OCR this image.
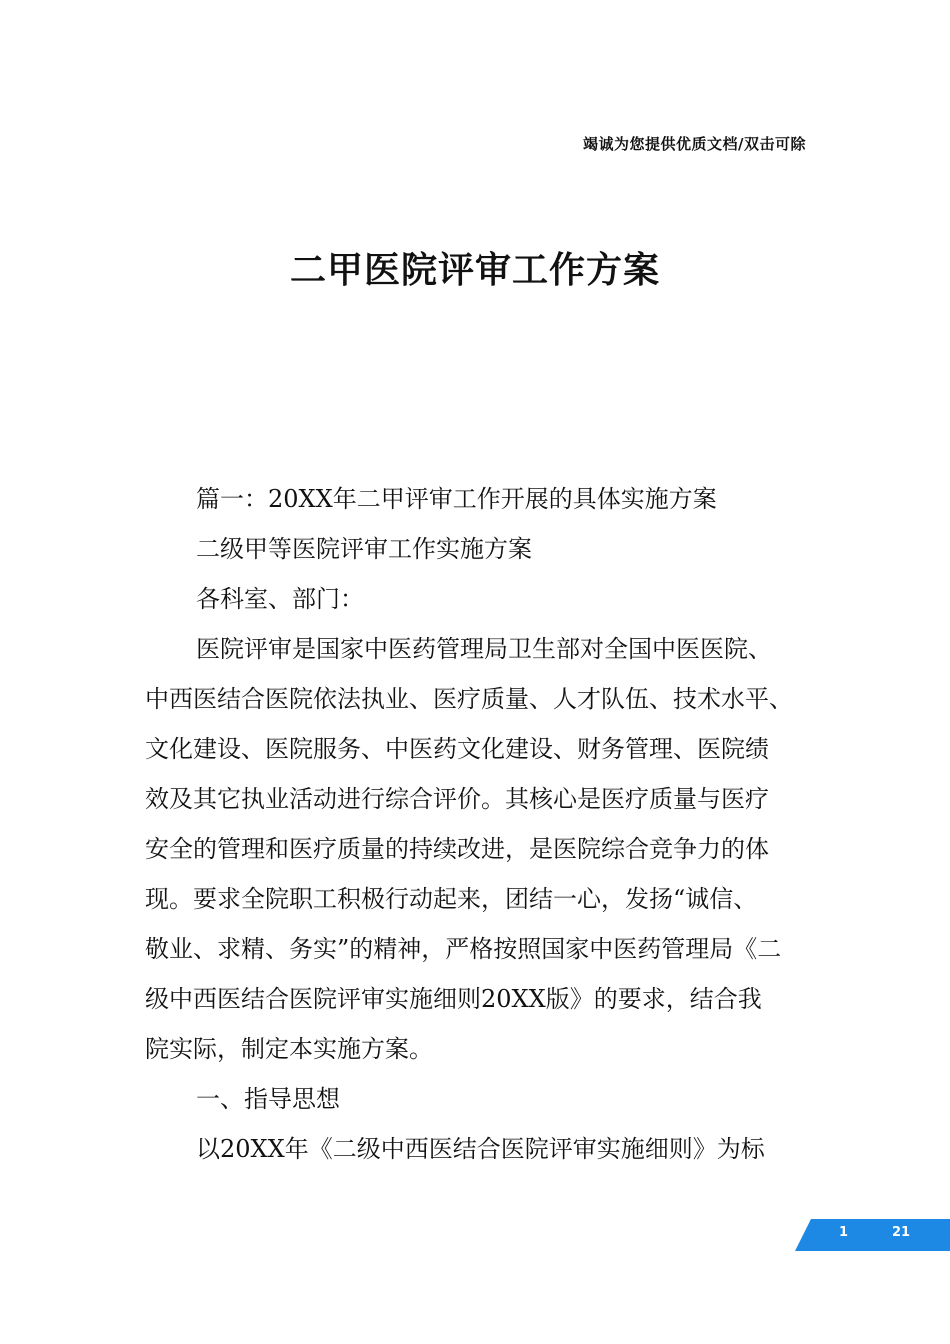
竭诚为您提供优质文档/双击可除
二甲医院评审工作方案
篇一：20XX年二甲评审工作开展的具体实施方案
二级甲等医院评审工作实施方案
各科室、部门：
医院评审是国家中医药管理局卫生部对全国中医医院、
中西医结合医院依法执业、医疗质量、人才队伍、技术水平、
文化建设、医院服务、中医药文化建设、财务管理、医院绩
效及其它执业活动进行综合评价。其核心是医疗质量与医疗
安全的管理和医疗质量的持续改进，是医院综合竞争力的体
现。要求全院职工积极行动起来，团结一心，发扬“诚信、
敬业、求精、务实”的精神，严格按照国家中医药管理局《二
级中西医结合医院评审实施细则20XX版》的要求，结合我
院实际，制定本实施方案。
一、指导思想
以20XX年《二级中西医结合医院评审实施细则》为标
1	21
